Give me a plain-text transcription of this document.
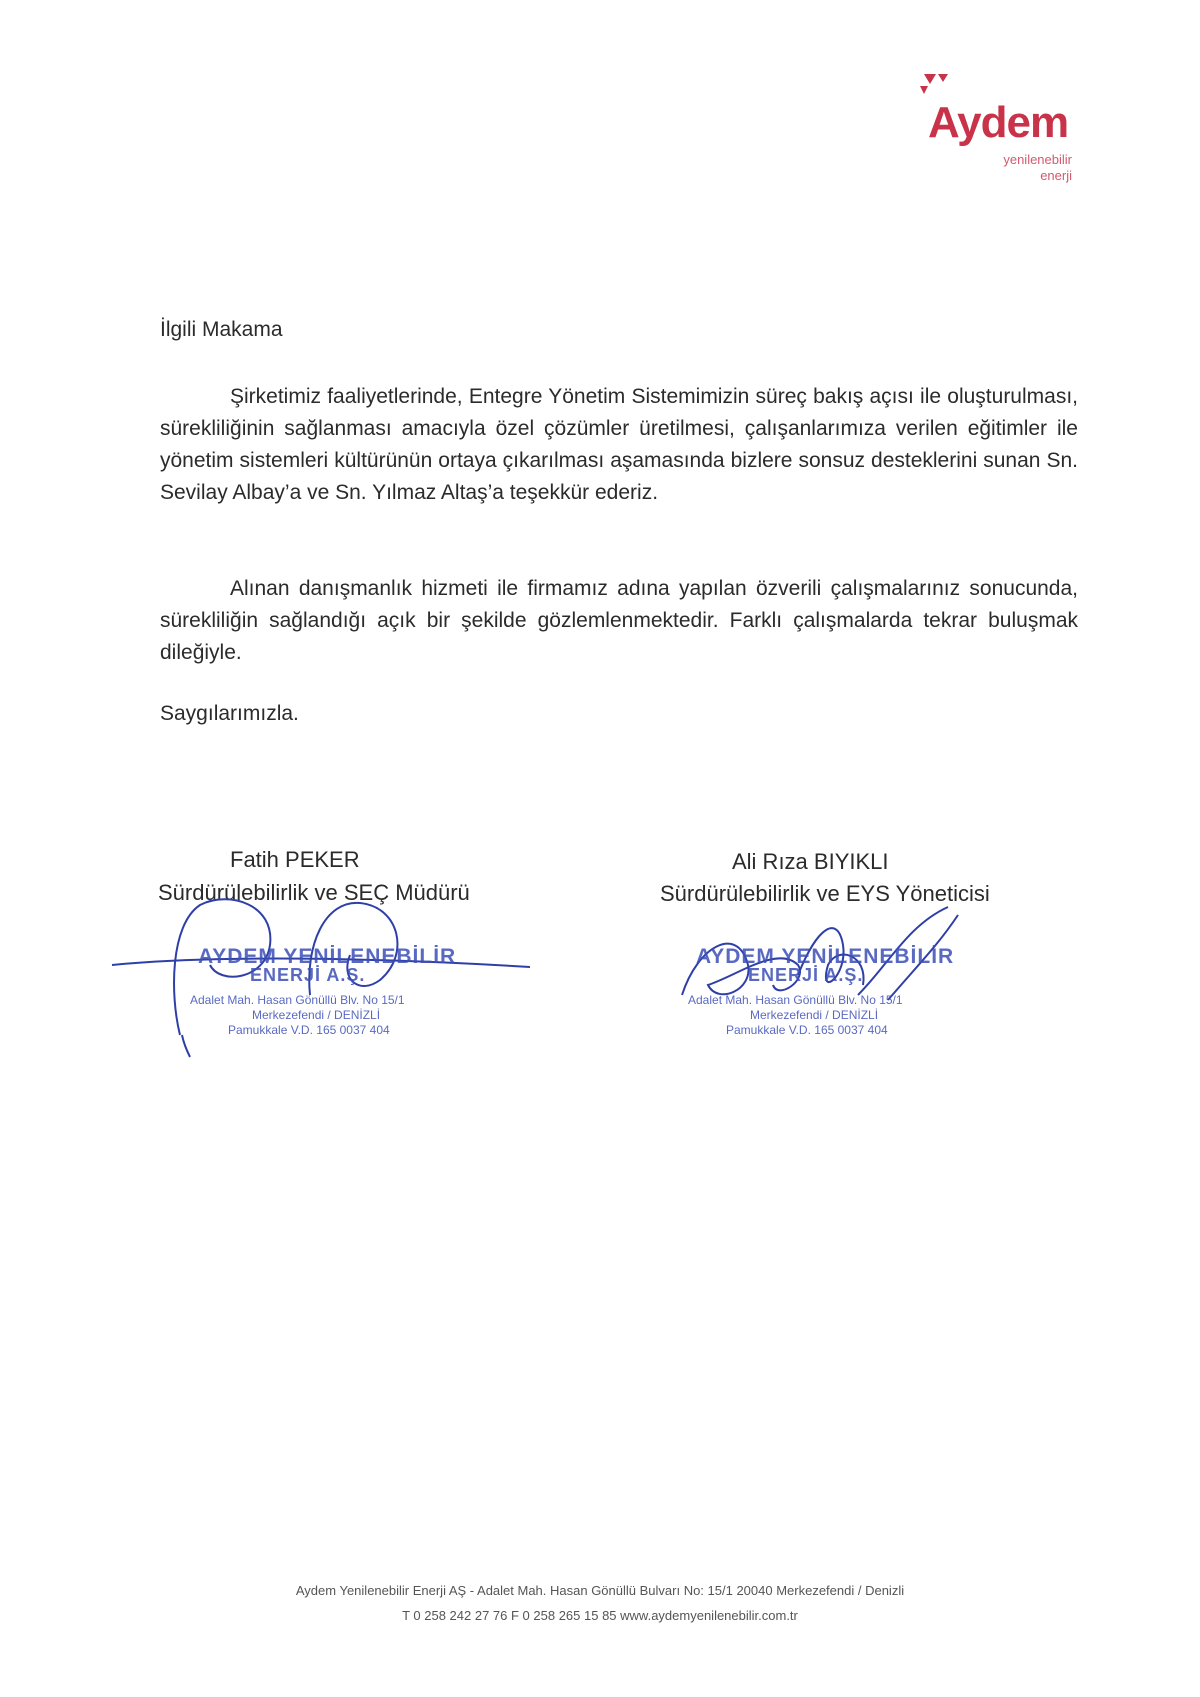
Aydem
yenilenebilir
enerji
İlgili Makama

Şirketimiz faaliyetlerinde, Entegre Yönetim Sistemimizin süreç bakış açısı ile oluşturulması, sürekliliğinin sağlanması amacıyla özel çözümler üretilmesi, çalışanlarımıza verilen eğitimler ile yönetim sistemleri kültürünün ortaya çıkarılması aşamasında bizlere sonsuz desteklerini sunan Sn. Sevilay Albay’a ve Sn. Yılmaz Altaş’a teşekkür ederiz.

Alınan danışmanlık hizmeti ile firmamız adına yapılan özverili çalışmalarınız sonucunda, sürekliliğin sağlandığı açık bir şekilde gözlemlenmektedir. Farklı çalışmalarda tekrar buluşmak dileğiyle.

Saygılarımızla.
Fatih PEKER
Sürdürülebilirlik ve SEÇ Müdürü
AYDEM YENİLENEBİLİR
ENERJİ A.Ş.
Adalet Mah. Hasan Gönüllü Blv. No 15/1
Merkezefendi / DENİZLİ
Pamukkale V.D. 165 0037 404
Ali Rıza BIYIKLI
Sürdürülebilirlik ve EYS Yöneticisi
AYDEM YENİLENEBİLİR
ENERJİ A.Ş.
Adalet Mah. Hasan Gönüllü Blv. No 15/1
Merkezefendi / DENİZLİ
Pamukkale V.D. 165 0037 404
Aydem Yenilenebilir Enerji AŞ - Adalet Mah. Hasan Gönüllü Bulvarı No: 15/1 20040 Merkezefendi / Denizli
T 0 258 242 27 76 F 0 258 265 15 85 www.aydemyenilenebilir.com.tr
